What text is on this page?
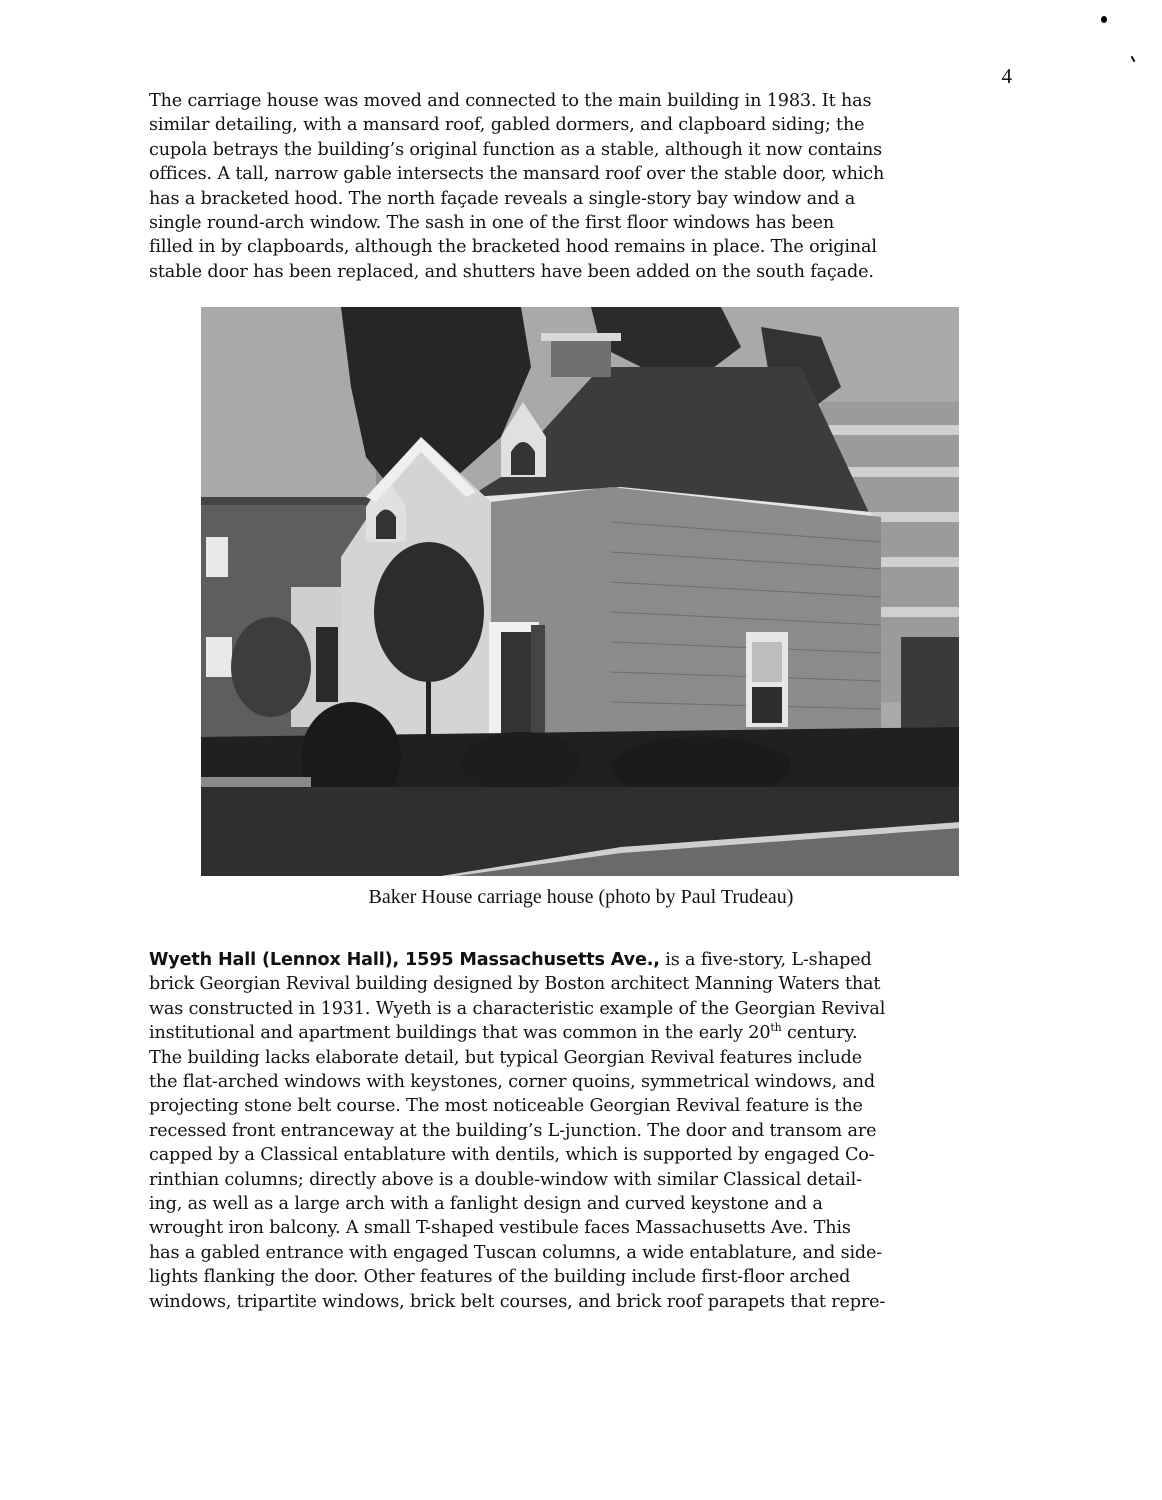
4
The carriage house was moved and connected to the main building in 1983. It has
similar detailing, with a mansard roof, gabled dormers, and clapboard siding; the
cupola betrays the building’s original function as a stable, although it now contains
offices. A tall, narrow gable intersects the mansard roof over the stable door, which
has a bracketed hood. The north façade reveals a single-story bay window and a
single round-arch window. The sash in one of the first floor windows has been
filled in by clapboards, although the bracketed hood remains in place. The original
stable door has been replaced, and shutters have been added on the south façade.
Baker House carriage house (photo by Paul Trudeau)
Wyeth Hall (Lennox Hall), 1595 Massachusetts Ave., is a five-story, L-shaped
brick Georgian Revival building designed by Boston architect Manning Waters that
was constructed in 1931. Wyeth is a characteristic example of the Georgian Revival
institutional and apartment buildings that was common in the early 20th century.
The building lacks elaborate detail, but typical Georgian Revival features include
the flat-arched windows with keystones, corner quoins, symmetrical windows, and
projecting stone belt course. The most noticeable Georgian Revival feature is the
recessed front entranceway at the building’s L-junction. The door and transom are
capped by a Classical entablature with dentils, which is supported by engaged Co-
rinthian columns; directly above is a double-window with similar Classical detail-
ing, as well as a large arch with a fanlight design and curved keystone and a
wrought iron balcony. A small T-shaped vestibule faces Massachusetts Ave. This
has a gabled entrance with engaged Tuscan columns, a wide entablature, and side-
lights flanking the door. Other features of the building include first-floor arched
windows, tripartite windows, brick belt courses, and brick roof parapets that repre-
